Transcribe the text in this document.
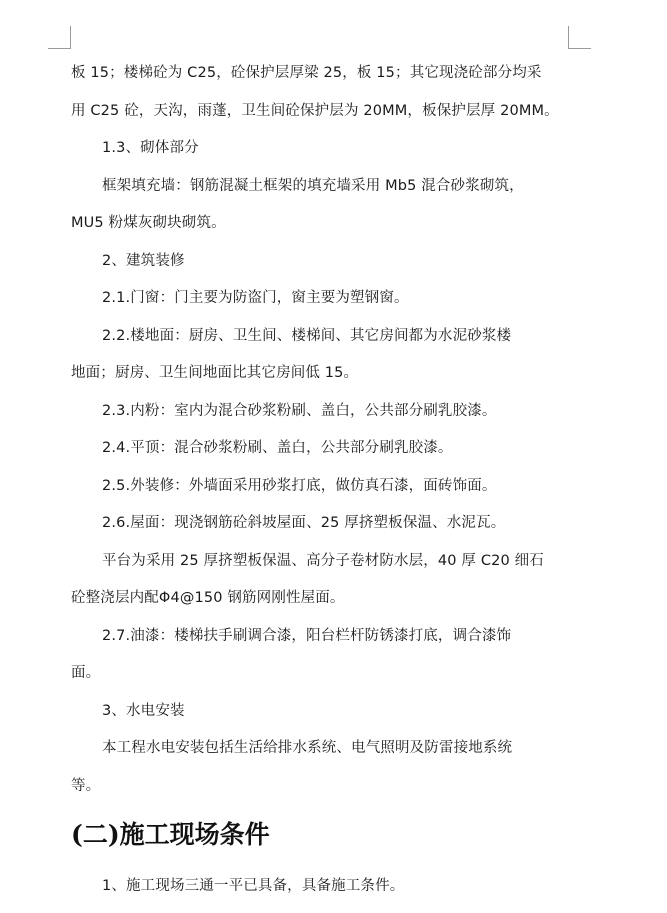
板 15；楼梯砼为 C25，砼保护层厚梁 25，板 15；其它现浇砼部分均采

用 C25 砼，天沟，雨蓬，卫生间砼保护层为 20MM，板保护层厚 20MM。

1.3、砌体部分

框架填充墙：钢筋混凝土框架的填充墙采用 Mb5 混合砂浆砌筑，

MU5 粉煤灰砌块砌筑。

2、建筑装修

2.1.门窗：门主要为防盗门，窗主要为塑钢窗。

2.2.楼地面：厨房、卫生间、楼梯间、其它房间都为水泥砂浆楼

地面；厨房、卫生间地面比其它房间低 15。

2.3.内粉：室内为混合砂浆粉刷、盖白，公共部分刷乳胶漆。

2.4.平顶：混合砂浆粉刷、盖白，公共部分刷乳胶漆。

2.5.外装修：外墙面采用砂浆打底，做仿真石漆，面砖饰面。

2.6.屋面：现浇钢筋砼斜坡屋面、25 厚挤塑板保温、水泥瓦。

平台为采用 25 厚挤塑板保温、高分子卷材防水层，40 厚 C20 细石

砼整浇层内配Φ4@150 钢筋网刚性屋面。

2.7.油漆：楼梯扶手刷调合漆，阳台栏杆防锈漆打底，调合漆饰

面。

3、水电安装

本工程水电安装包括生活给排水系统、电气照明及防雷接地系统

等。

(二)施工现场条件

1、施工现场三通一平已具备，具备施工条件。
